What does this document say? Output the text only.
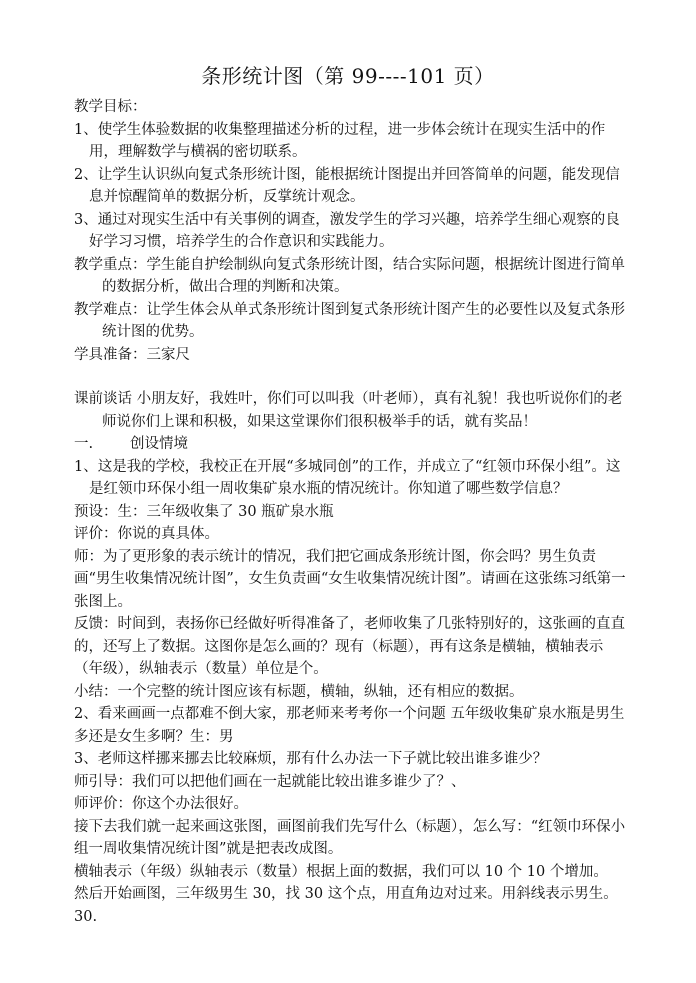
条形统计图（第 99----101 页）

教学目标：

1、使学生体验数据的收集整理描述分析的过程，进一步体会统计在现实生活中的作用，理解数学与横祸的密切联系。

2、让学生认识纵向复式条形统计图，能根据统计图提出并回答简单的问题，能发现信息并惊醒简单的数据分析，反掌统计观念。

3、通过对现实生活中有关事例的调查，激发学生的学习兴趣，培养学生细心观察的良好学习习惯，培养学生的合作意识和实践能力。

教学重点：学生能自护绘制纵向复式条形统计图，结合实际问题，根据统计图进行简单的数据分析，做出合理的判断和决策。

教学难点：让学生体会从单式条形统计图到复式条形统计图产生的必要性以及复式条形统计图的优势。

学具准备：三家尺

课前谈话 小朋友好，我姓叶，你们可以叫我（叶老师），真有礼貌！我也听说你们的老师说你们上课和积极，如果这堂课你们很积极举手的话，就有奖品！

一.        创设情境

1、这是我的学校，我校正在开展“多城同创”的工作，并成立了“红领巾环保小组”。这是红领巾环保小组一周收集矿泉水瓶的情况统计。你知道了哪些数学信息？

预设：生：三年级收集了 30 瓶矿泉水瓶

评价：你说的真具体。

师：为了更形象的表示统计的情况，我们把它画成条形统计图，你会吗？男生负责画“男生收集情况统计图”，女生负责画“女生收集情况统计图”。请画在这张练习纸第一张图上。

反馈：时间到，表扬你已经做好听得准备了，老师收集了几张特别好的，这张画的直直的，还写上了数据。这图你是怎么画的？现有（标题），再有这条是横轴，横轴表示（年级），纵轴表示（数量）单位是个。

小结：一个完整的统计图应该有标题，横轴，纵轴，还有相应的数据。

2、看来画画一点都难不倒大家，那老师来考考你一个问题 五年级收集矿泉水瓶是男生多还是女生多啊？生：男

3、老师这样挪来挪去比较麻烦，那有什么办法一下子就比较出谁多谁少？

师引导：我们可以把他们画在一起就能比较出谁多谁少了？、

师评价：你这个办法很好。

接下去我们就一起来画这张图，画图前我们先写什么（标题），怎么写：“红领巾环保小组一周收集情况统计图”就是把表改成图。

横轴表示（年级）纵轴表示（数量）根据上面的数据，我们可以 10 个 10 个增加。

然后开始画图，三年级男生 30，找 30 这个点，用直角边对过来。用斜线表示男生。30.
